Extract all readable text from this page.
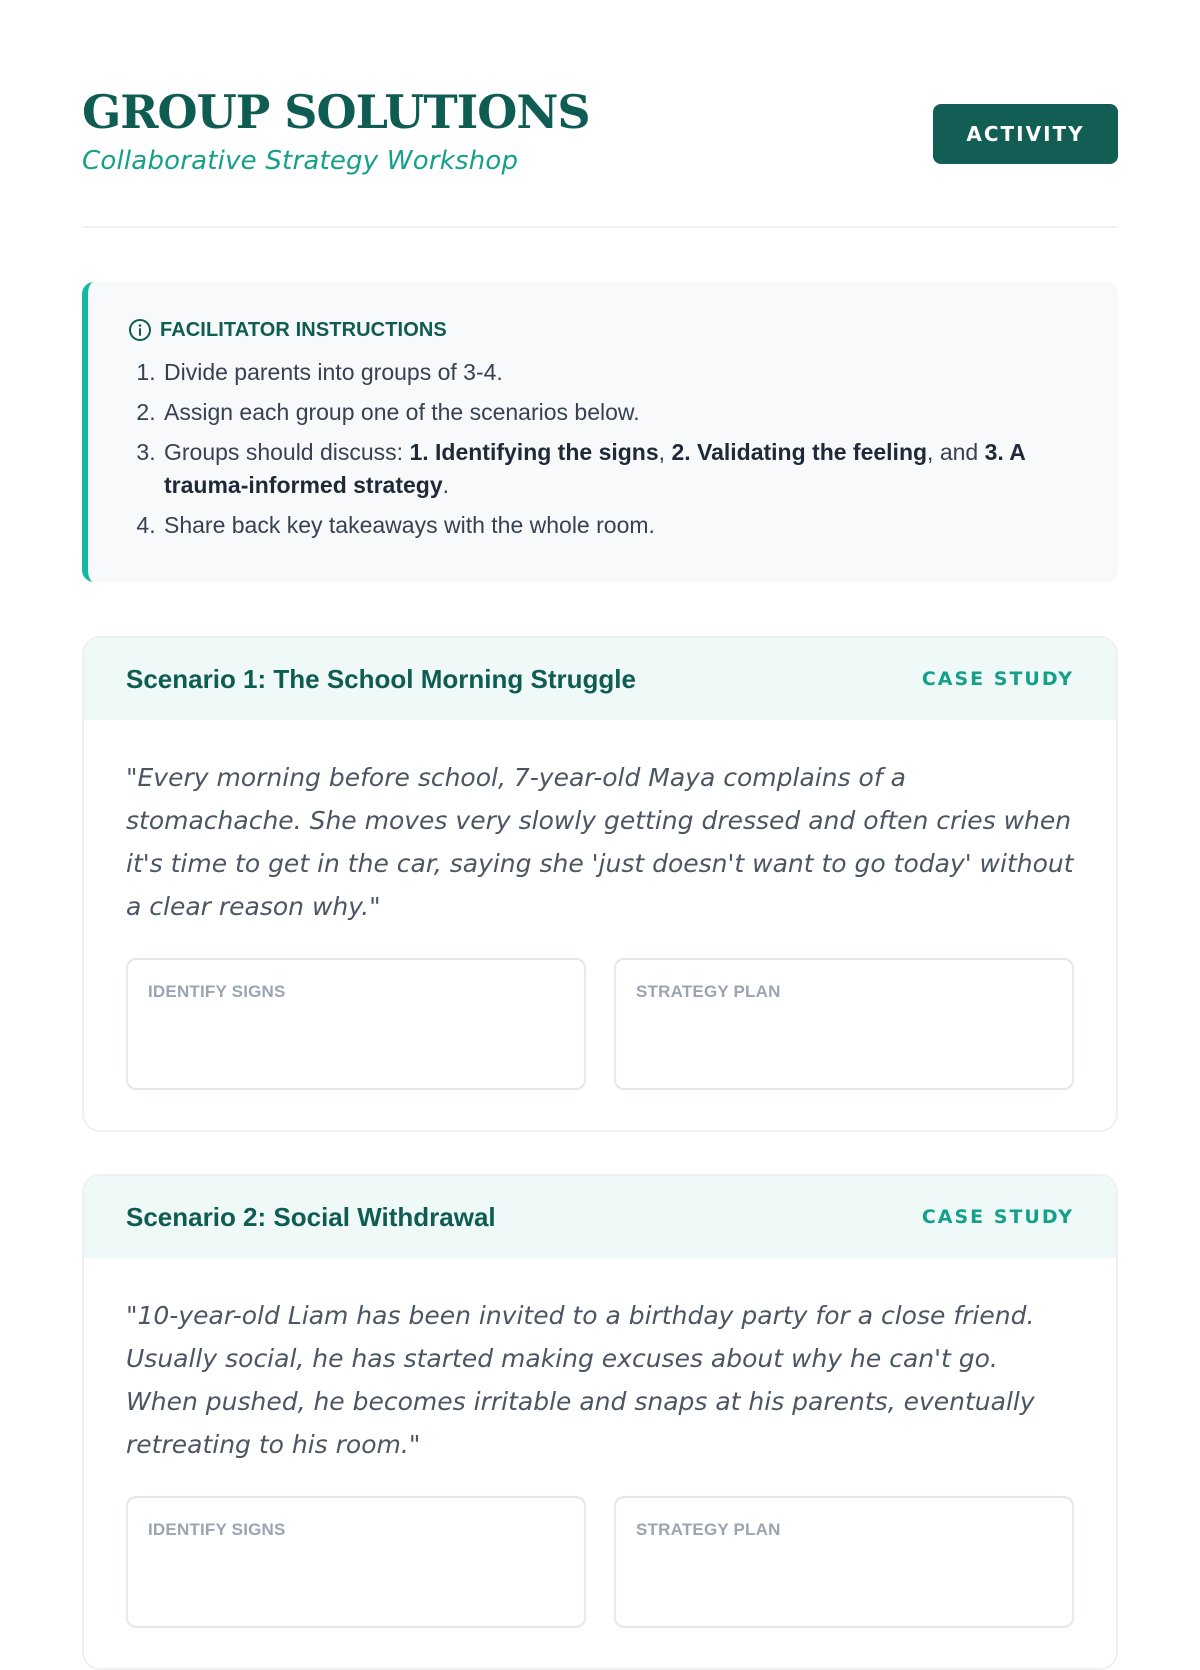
GROUP SOLUTIONS
Collaborative Strategy Workshop
ACTIVITY
FACILITATOR INSTRUCTIONS
1. Divide parents into groups of 3-4.
2. Assign each group one of the scenarios below.
3. Groups should discuss: 1. Identifying the signs, 2. Validating the feeling, and 3. A trauma-informed strategy.
4. Share back key takeaways with the whole room.
Scenario 1: The School Morning Struggle	CASE STUDY

"Every morning before school, 7-year-old Maya complains of a stomachache. She moves very slowly getting dressed and often cries when it's time to get in the car, saying she 'just doesn't want to go today' without a clear reason why."

IDENTIFY SIGNS	STRATEGY PLAN
Scenario 2: Social Withdrawal	CASE STUDY

"10-year-old Liam has been invited to a birthday party for a close friend. Usually social, he has started making excuses about why he can't go. When pushed, he becomes irritable and snaps at his parents, eventually retreating to his room."

IDENTIFY SIGNS	STRATEGY PLAN
